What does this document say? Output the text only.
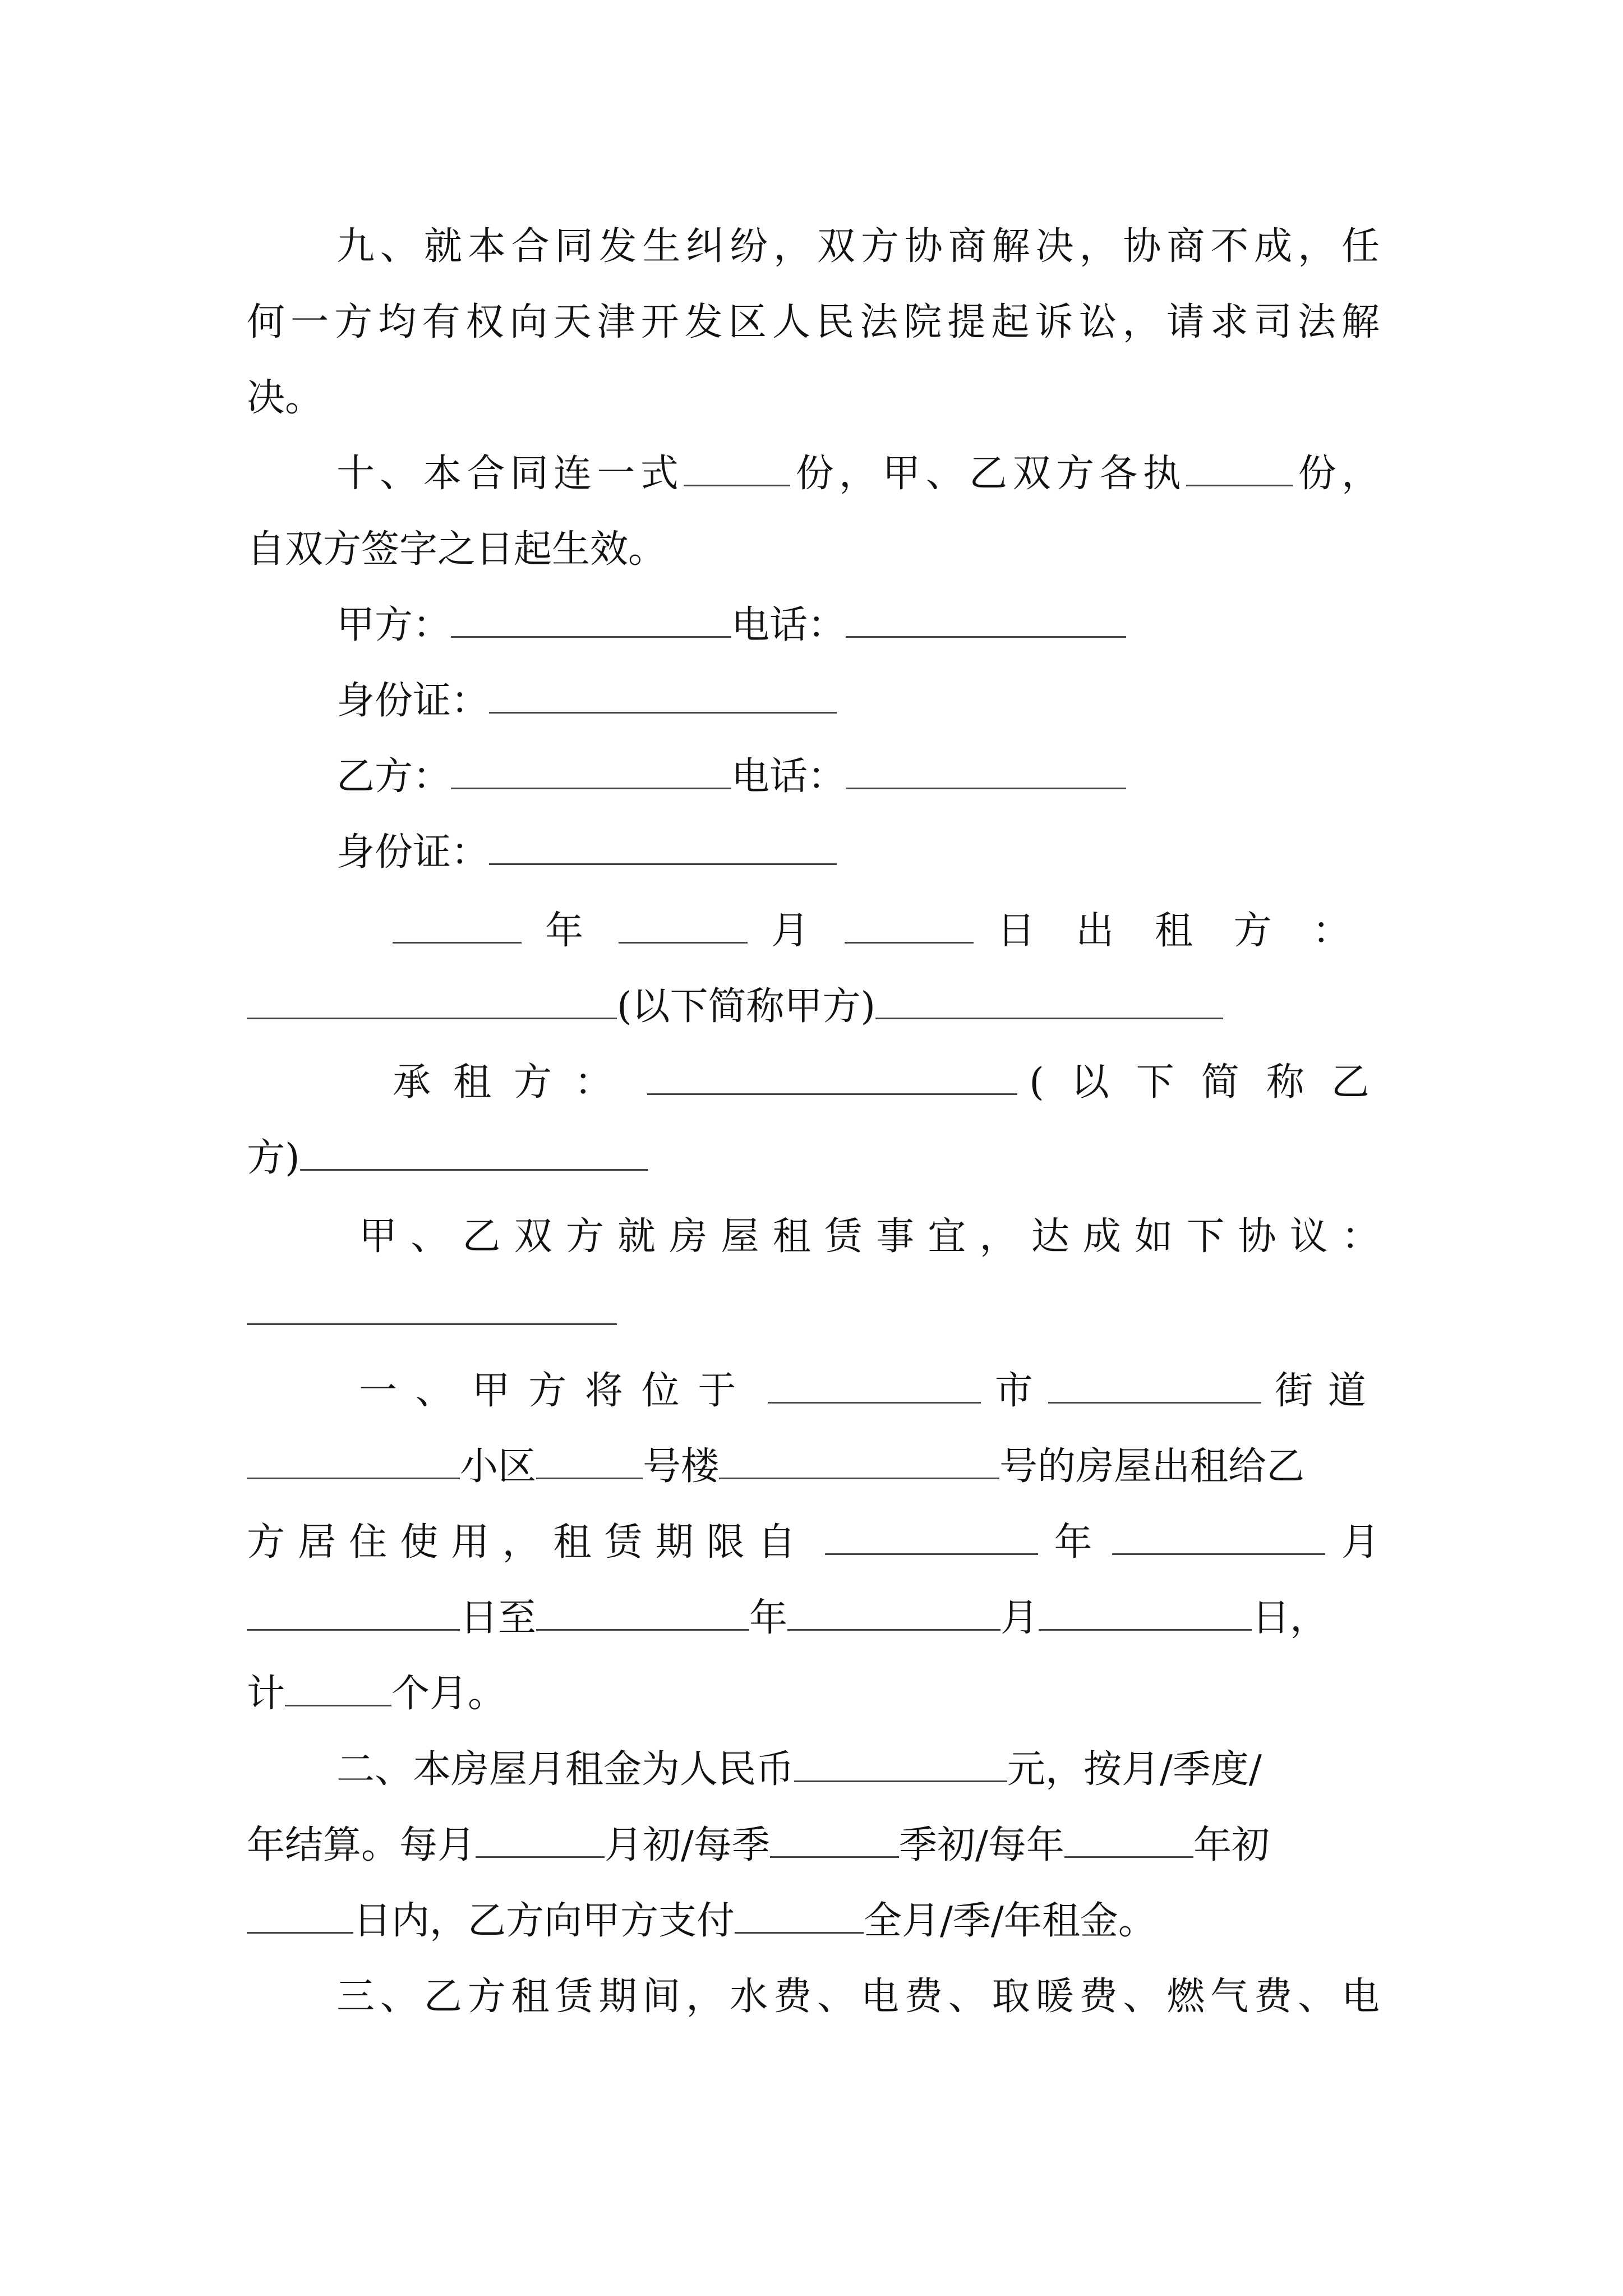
九、就本合同发生纠纷，双方协商解决，协商不成，任
何一方均有权向天津开发区人民法院提起诉讼，请求司法解
决。
十、本合同连一式	份，甲、乙双方各执	份，
自双方签字之日起生效。
甲方：	电话：
身份证：
乙方：	电话：
身份证：
年	月	日出租方：
(以下简称甲方)
承租方：	(以下简称乙
方)
甲、乙双方就房屋租赁事宜，达成如下协议：
一、甲方将位于	市	街道
小区	号楼	号的房屋出租给乙
方居住使用，租赁期限自	年	月
日至	年	月	日，
计	个月。
二、本房屋月租金为人民币	元，按月/季度/
年结算。每月	月初/每季	季初/每年	年初
日内，乙方向甲方支付	全月/季/年租金。
三、乙方租赁期间，水费、电费、取暖费、燃气费、电
